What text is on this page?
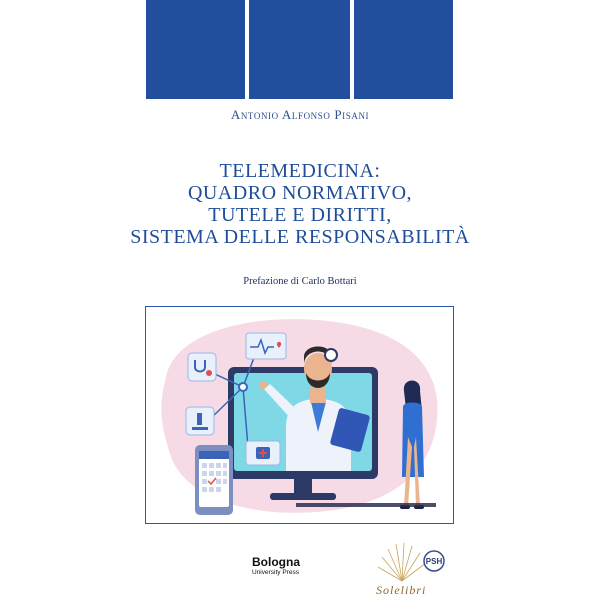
Antonio Alfonso Pisani
TELEMEDICINA:
QUADRO NORMATIVO,
TUTELE E DIRITTI,
SISTEMA DELLE RESPONSABILITÀ
Prefazione di Carlo Bottari
Bologna
University Press
PSH
Solelibri
